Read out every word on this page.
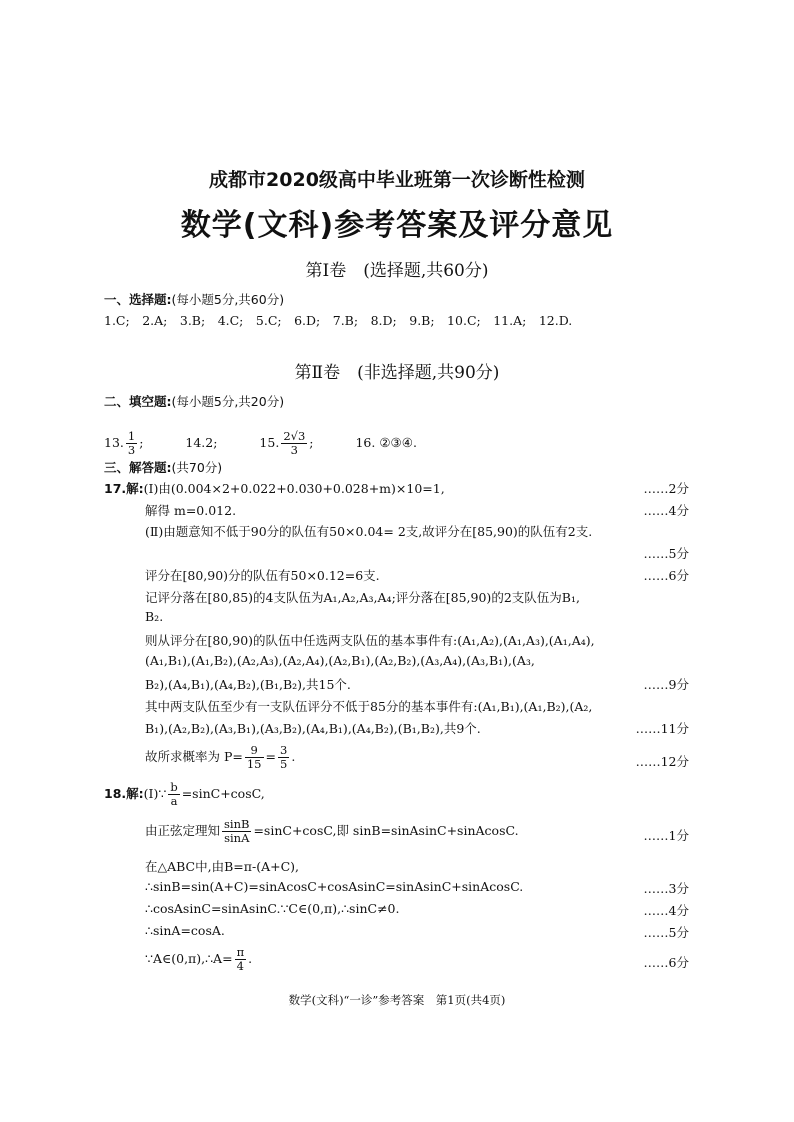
成都市2020级高中毕业班第一次诊断性检测
数学(文科)参考答案及评分意见
第Ⅰ卷　(选择题,共60分)
一、选择题:(每小题5分,共60分)
1.C;　2.A;　3.B;　4.C;　5.C;　6.D;　7.B;　8.D;　9.B;　10.C;　11.A;　12.D.
第Ⅱ卷　(非选择题,共90分)
二、填空题:(每小题5分,共20分)
13. $\frac{1}{3}$ ;	14.2;	15. $\frac{2√3}{3}$ ;	16. ②③④.
三、解答题:(共70分)
17.解:(Ⅰ)由(0.004×2+0.022+0.030+0.028+m)×10=1,	……2分
解得 m=0.012.	……4分
(Ⅱ)由题意知不低于90分的队伍有50×0.04= 2支,故评分在[85,90)的队伍有2支.
……5分
评分在[80,90)分的队伍有50×0.12=6支.	……6分
记评分落在[80,85)的4支队伍为A₁,A₂,A₃,A₄;评分落在[85,90)的2支队伍为B₁,
B₂.
则从评分在[80,90)的队伍中任选两支队伍的基本事件有:(A₁,A₂),(A₁,A₃),(A₁,A₄),
(A₁,B₁),(A₁,B₂),(A₂,A₃),(A₂,A₄),(A₂,B₁),(A₂,B₂),(A₃,A₄),(A₃,B₁),(A₃,
B₂),(A₄,B₁),(A₄,B₂),(B₁,B₂),共15个.	……9分
其中两支队伍至少有一支队伍评分不低于85分的基本事件有:(A₁,B₁),(A₁,B₂),(A₂,
B₁),(A₂,B₂),(A₃,B₁),(A₃,B₂),(A₄,B₁),(A₄,B₂),(B₁,B₂),共9个.	……11分
故所求概率为 $P= \frac{9}{15} = \frac{3}{5}$ .	……12分
18.解:(Ⅰ)∵ $\frac{b}{a} =\sin C+\cos C$,
由正弦定理知 $\frac{\sin B}{\sin A} =\sin C+\cos C$,即 sinB=sinAsinC+sinAcosC.	……1分
在△ABC中,由B=π-(A+C),
∴sinB=sin(A+C)=sinAcosC+cosAsinC=sinAsinC+sinAcosC.	……3分
∴cosAsinC=sinAsinC.∵C∈(0,π),∴sinC≠0.	……4分
∴sinA=cosA.	……5分
∵A∈(0,π),∴A= $\frac{\pi}{4}$ .	……6分
数学(文科)“一诊”参考答案　第1页(共4页)
